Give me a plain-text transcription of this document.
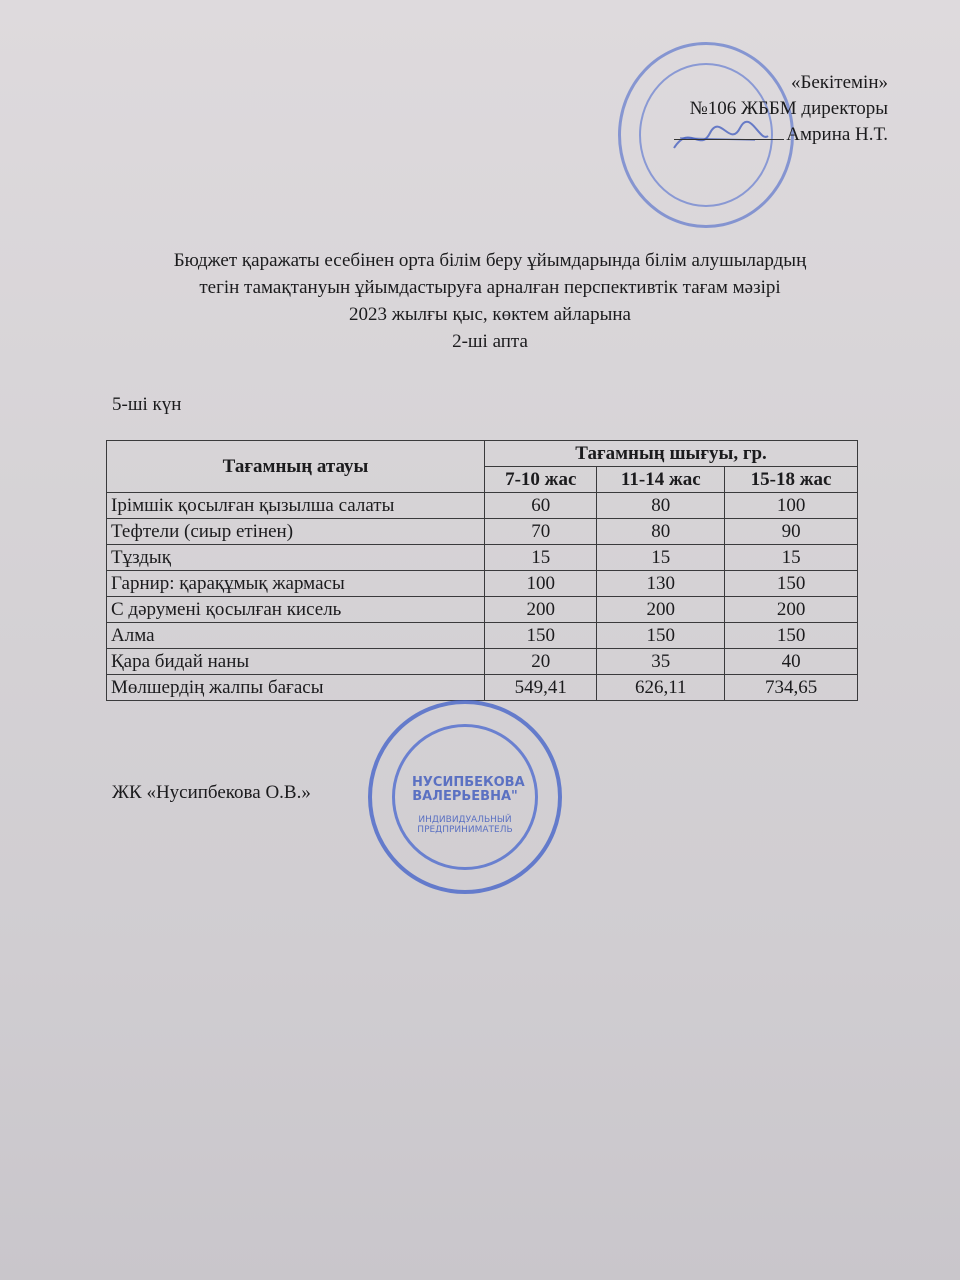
«Бекітемін»
№106 ЖББМ директоры
Амрина Н.Т.
Бюджет қаражаты есебінен орта білім беру ұйымдарында білім алушылардың
тегін тамақтануын ұйымдастыруға арналған перспективтік тағам мәзірі
2023 жылғы қыс, көктем айларына
2-ші апта
5-ші күн
Тағамның атауы	Тағамның шығуы, гр.		
	7-10 жас	11-14 жас	15-18 жас
Ірімшік қосылған қызылша салаты	60	80	100
Тефтели (сиыр етінен)	70	80	90
Тұздық	15	15	15
Гарнир: қарақұмық жармасы	100	130	150
С дәрумені қосылған кисель	200	200	200
Алма	150	150	150
Қара бидай наны	20	35	40
Мөлшердің жалпы бағасы	549,41	626,11	734,65
ЖК «Нусипбекова О.В.»	НУСИПБЕКОВА
ВАЛЕРЬЕВНА"
ИНДИВИДУАЛЬНЫЙ
ПРЕДПРИНИМАТЕЛЬ
